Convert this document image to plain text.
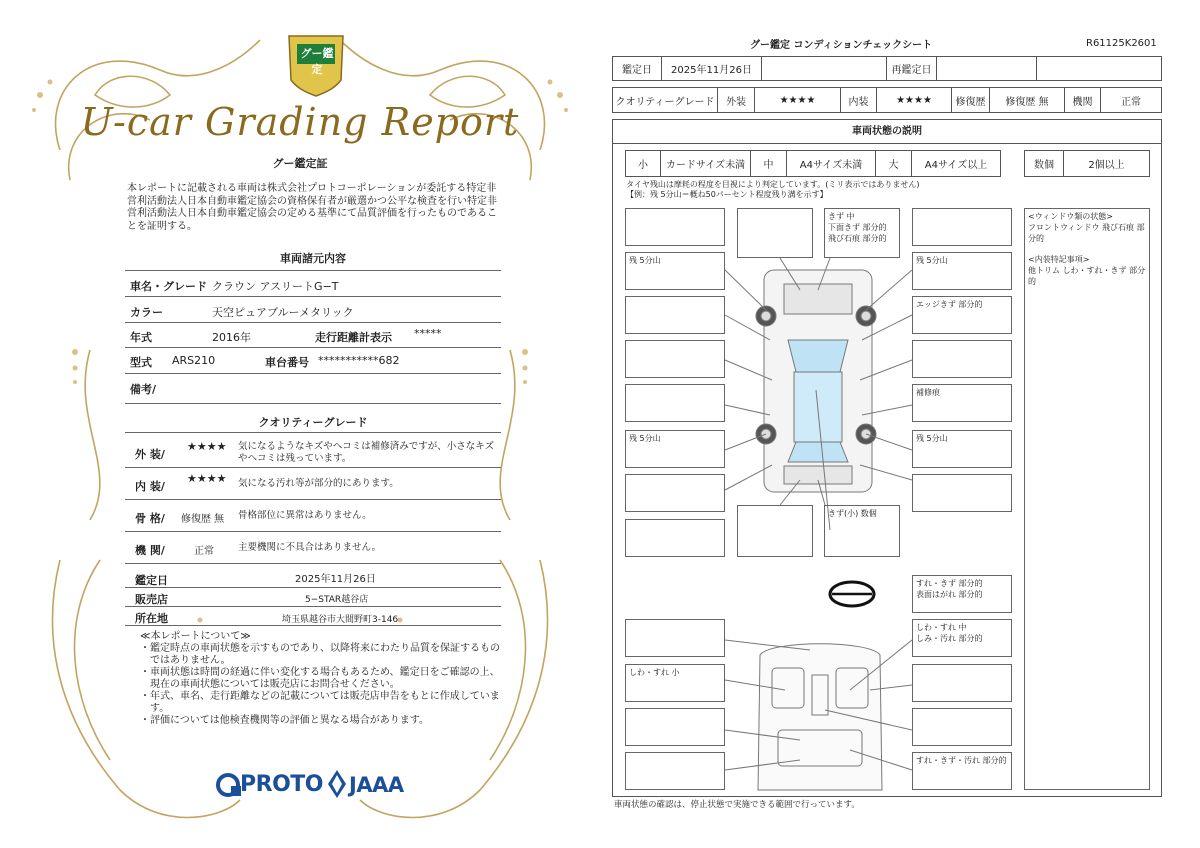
グー鑑定
U-car Grading Report
グー鑑定証
本レポートに記載される車両は株式会社プロトコーポレーションが委託する特定非営利活動法人日本自動車鑑定協会の資格保有者が厳選かつ公平な検査を行い特定非営利活動法人日本自動車鑑定協会の定める基準にて品質評価を行ったものであることを証明する。
車両諸元内容
車名・グレード クラウン アスリートG−T
カラー	天空ピュアブルーメタリック
年式	2016年	走行距離計表示 *****
型式 ARS210	車台番号 ***********682
備考/
クオリティーグレード
外 装/
★★★★ 気になるようなキズやヘコミは補修済みですが、小さなキズやヘコミは残っています。
内 装/
★★★★ 気になる汚れ等が部分的にあります。
骨 格/ 修復歴 無 骨格部位に異常はありません。
機 関/	正常	主要機関に不具合はありません。
鑑定日	2025年11月26日
販売店	5−STAR越谷店
所在地	埼玉県越谷市大間野町3-146
≪本レポートについて≫
・鑑定時点の車両状態を示すものであり、以降将来にわたり品質を保証するものではありません。
・車両状態は時間の経過に伴い変化する場合もあるため、鑑定日をご確認の上、現在の車両状態については販売店にお問合せください。
・年式、車名、走行距離などの記載については販売店申告をもとに作成しています。
・評価については他検査機関等の評価と異なる場合があります。
PROTO JAAA
グー鑑定 コンディションチェックシート	R61125K2601
鑑定日	2025年11月26日	再鑑定日
クオリティーグレード	外装	★★★★	内装	★★★★	修復歴	修復歴 無	機関	正常
車両状態の説明
小	カードサイズ未満	中	A4サイズ未満	大	A4サイズ以上	数個	2個以上
タイヤ残山は摩耗の程度を目視により判定しています。(ミリ表示ではありません)
【例：残 5分山＝概ね50パーセント程度残り溝を示す】
残 5分山
残 5分山
きず 中
下面きず 部分的
飛び石痕 部分的
きず(小) 数個
残 5分山
エッジきず 部分的
補修痕
残 5分山
すれ・きず 部分的
表面はがれ 部分的
しわ・すれ 中
しみ・汚れ 部分的
しわ・すれ 小
すれ・きず・汚れ 部分的
<ウィンドウ類の状態>
フロントウィンドウ 飛び石痕 部分的
<内装特記事項>
他トリム しわ・すれ・きず 部分的
車両状態の確認は、停止状態で実施できる範囲で行っています。
